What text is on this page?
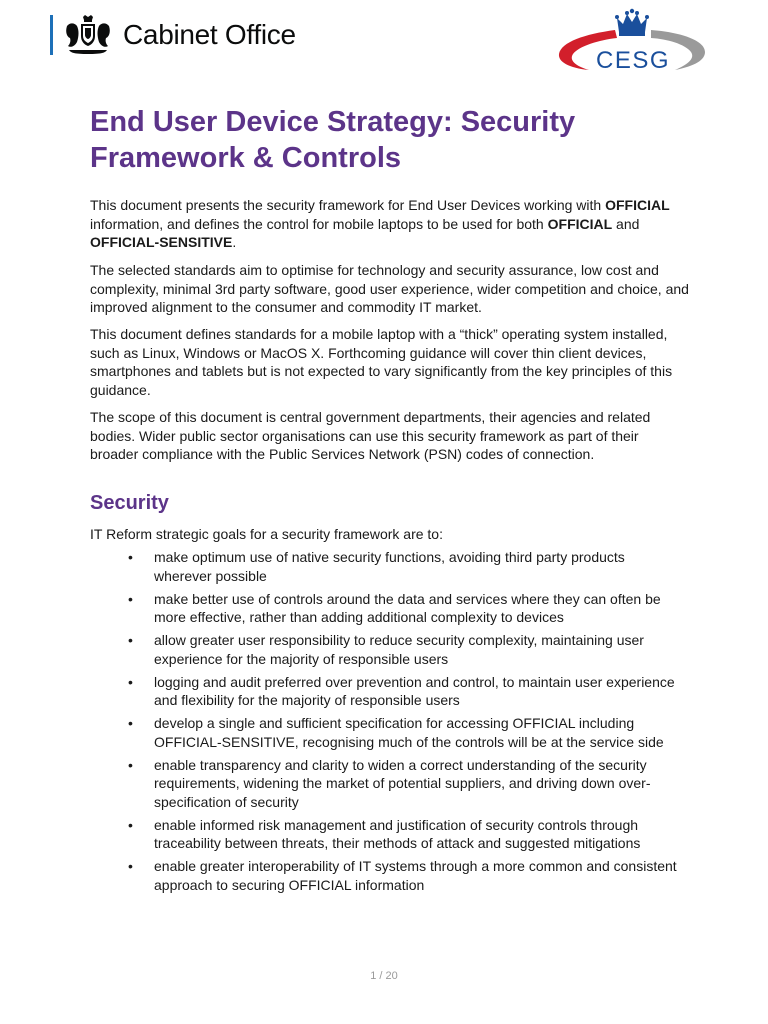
Cabinet Office
CESG
End User Device Strategy: Security Framework & Controls

This document presents the security framework for End User Devices working with OFFICIAL information, and defines the control for mobile laptops to be used for both OFFICIAL and OFFICIAL-SENSITIVE.

The selected standards aim to optimise for technology and security assurance, low cost and complexity, minimal 3rd party software, good user experience, wider competition and choice, and improved alignment to the consumer and commodity IT market.

This document defines standards for a mobile laptop with a “thick” operating system installed, such as Linux, Windows or MacOS X. Forthcoming guidance will cover thin client devices, smartphones and tablets but is not expected to vary significantly from the key principles of this guidance.

The scope of this document is central government departments, their agencies and related bodies. Wider public sector organisations can use this security framework as part of their broader compliance with the Public Services Network (PSN) codes of connection.

Security

IT Reform strategic goals for a security framework are to:

• make optimum use of native security functions, avoiding third party products wherever possible
• make better use of controls around the data and services where they can often be more effective, rather than adding additional complexity to devices
• allow greater user responsibility to reduce security complexity, maintaining user experience for the majority of responsible users
• logging and audit preferred over prevention and control, to maintain user experience and flexibility for the majority of responsible users
• develop a single and sufficient specification for accessing OFFICIAL including OFFICIAL-SENSITIVE, recognising much of the controls will be at the service side
• enable transparency and clarity to widen a correct understanding of the security requirements, widening the market of potential suppliers, and driving down over-specification of security
• enable informed risk management and justification of security controls through traceability between threats, their methods of attack and suggested mitigations
• enable greater interoperability of IT systems through a more common and consistent approach to securing OFFICIAL information
1 / 20
